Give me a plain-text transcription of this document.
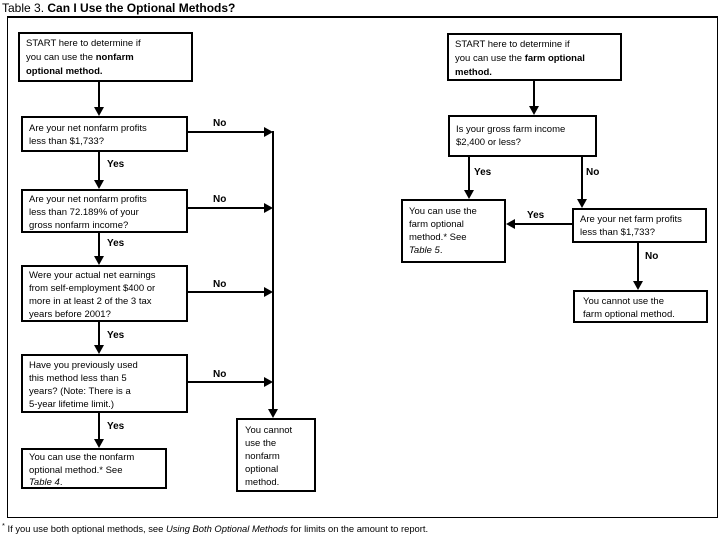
Table 3. Can I Use the Optional Methods?
START here to determine if
you can use the nonfarm
optional method.
Are your net nonfarm profits
less than $1,733?
Yes
Are your net nonfarm profits
less than 72.189% of your
gross nonfarm income?
Yes
Were your actual net earnings
from self-employment $400 or
more in at least 2 of the 3 tax
years before 2001?
Yes
Have you previously used
this method less than 5
years? (Note: There is a
5-year lifetime limit.)
Yes
You can use the nonfarm
optional method.* See
Table 4.
No
No
No
No
You cannot
use the
nonfarm
optional
method.
START here to determine if
you can use the farm optional
method.
Is your gross farm income
$2,400 or less?
Yes	No
You can use the
farm optional
method.* See
Table 5.
Are your net farm profits
less than $1,733?
Yes
No
You cannot use the
farm optional method.
* If you use both optional methods, see Using Both Optional Methods for limits on the amount to report.
